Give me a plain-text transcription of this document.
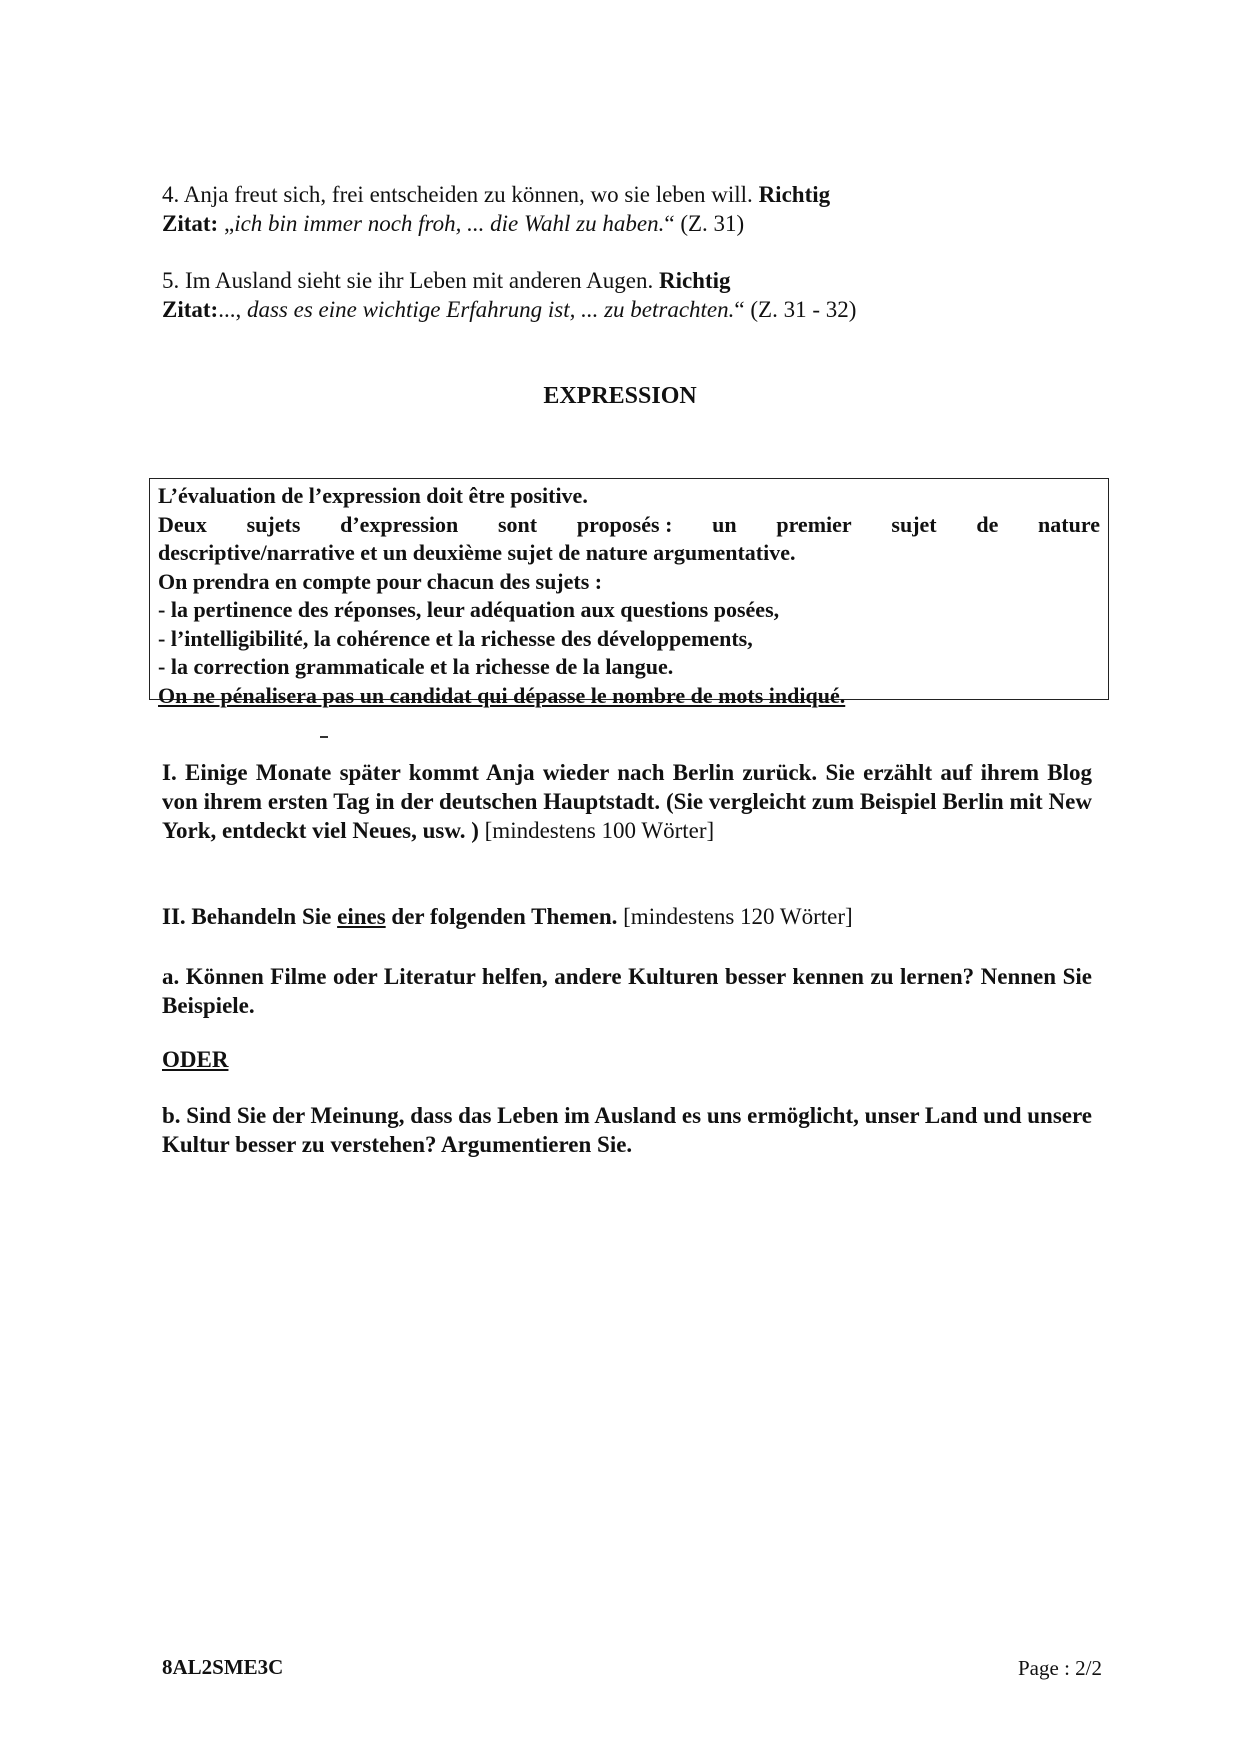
4. Anja freut sich, frei entscheiden zu können, wo sie leben will. Richtig
Zitat: „ich bin immer noch froh, ... die Wahl zu haben.“ (Z. 31)
5. Im Ausland sieht sie ihr Leben mit anderen Augen. Richtig
Zitat:..., dass es eine wichtige Erfahrung ist, ... zu betrachten.“ (Z. 31 - 32)
EXPRESSION
L’évaluation de l’expression doit être positive.
Deux sujets d’expression sont proposés : un premier sujet de nature
descriptive/narrative et un deuxième sujet de nature argumentative.
On prendra en compte pour chacun des sujets :
- la pertinence des réponses, leur adéquation aux questions posées,
- l’intelligibilité, la cohérence et la richesse des développements,
- la correction grammaticale et la richesse de la langue.
On ne pénalisera pas un candidat qui dépasse le nombre de mots indiqué.
I. Einige Monate später kommt Anja wieder nach Berlin zurück. Sie erzählt auf ihrem Blog von ihrem ersten Tag in der deutschen Hauptstadt. (Sie vergleicht zum Beispiel Berlin mit New York, entdeckt viel Neues, usw. ) [mindestens 100 Wörter]
II. Behandeln Sie eines der folgenden Themen. [mindestens 120 Wörter]
a. Können Filme oder Literatur helfen, andere Kulturen besser kennen zu lernen? Nennen Sie Beispiele.
ODER
b. Sind Sie der Meinung, dass das Leben im Ausland es uns ermöglicht, unser Land und unsere Kultur besser zu verstehen? Argumentieren Sie.
8AL2SME3C	Page : 2/2
